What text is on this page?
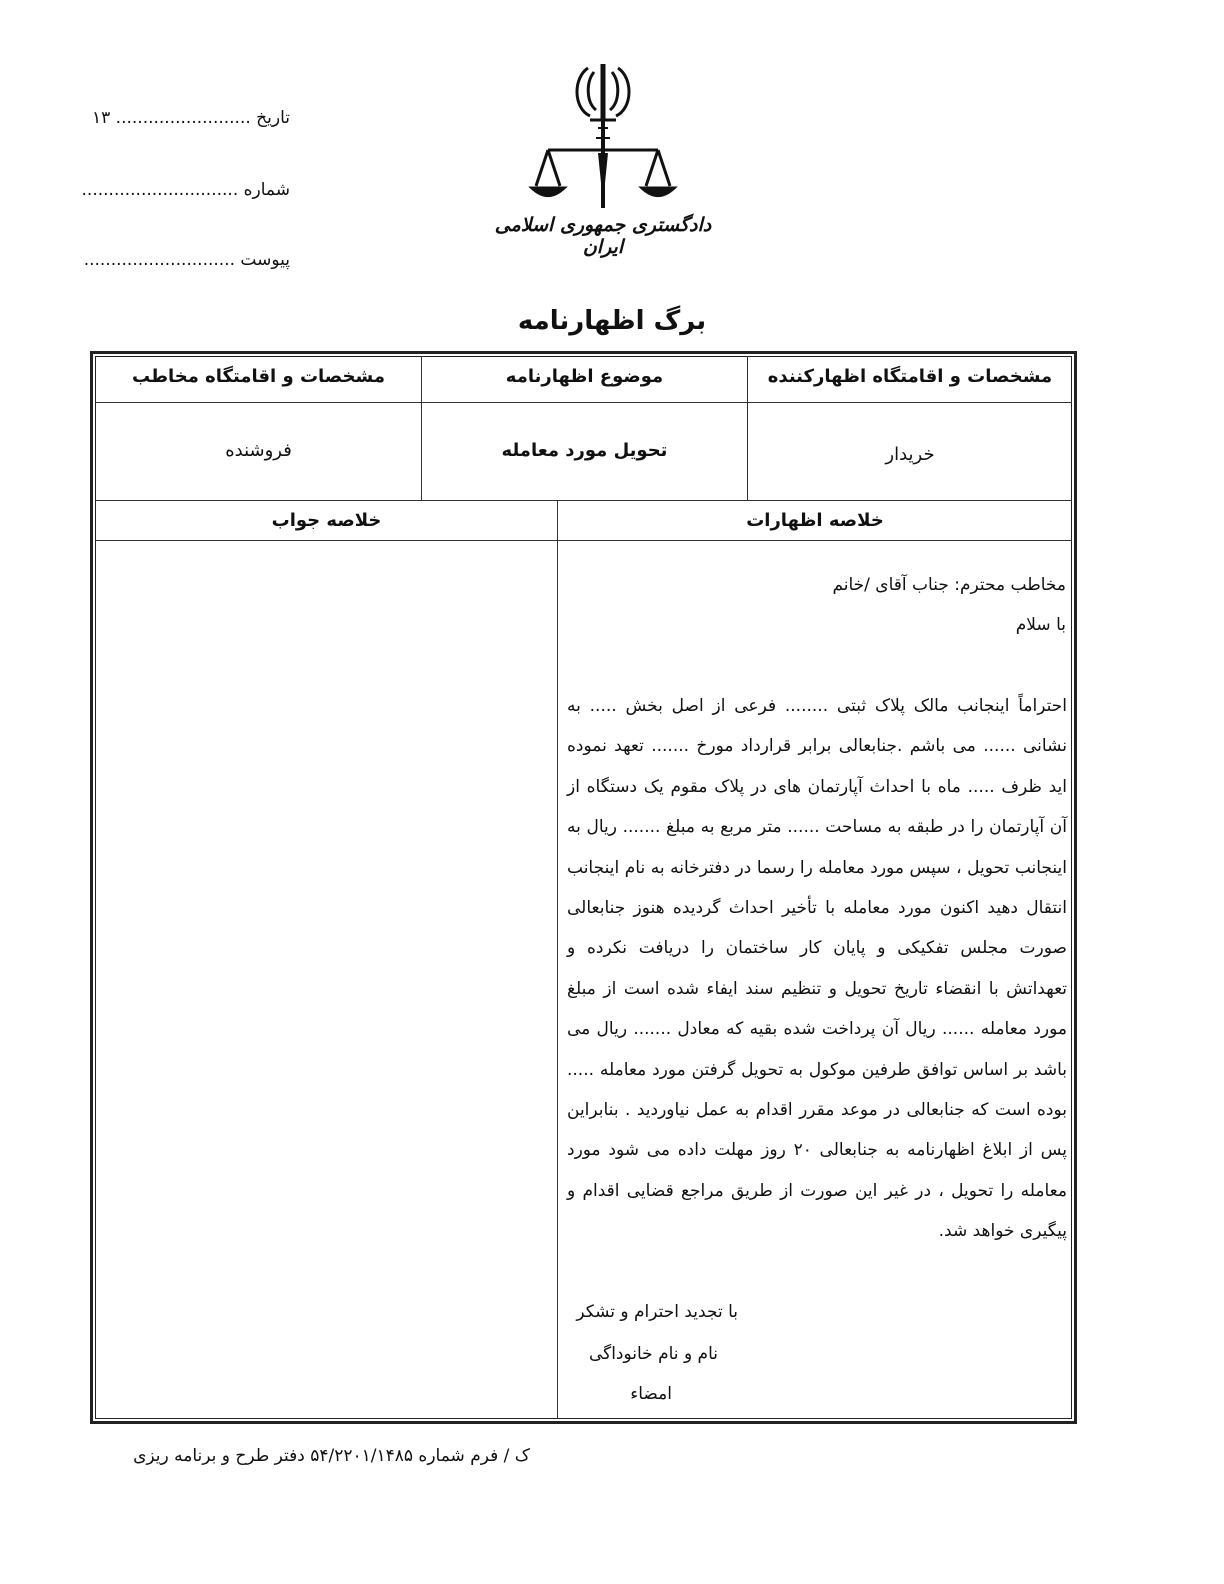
تاریخ ......................... ۱۳
شماره .............................
پیوست ............................
دادگستری جمهوری اسلامی ایران
برگ اظهارنامه
مشخصات و اقامتگاه اظهارکننده
موضوع اظهارنامه
مشخصات و اقامتگاه مخاطب
خریدار
تحویل مورد معامله
فروشنده
خلاصه اظهارات
خلاصه جواب
مخاطب محترم: جناب آقای /خانم
با سلام
احتراماً اینجانب مالک پلاک ثبتی ........ فرعی از اصل بخش ..... به نشانی ...... می باشم .جنابعالی برابر قرارداد مورخ ....... تعهد نموده اید ظرف ..... ماه با احداث آپارتمان های در پلاک مقوم یک دستگاه از آن آپارتمان را در طبقه به مساحت ...... متر مربع به مبلغ ....... ریال به اینجانب تحویل ، سپس مورد معامله را رسما در دفترخانه به نام اینجانب انتقال دهید اکنون مورد معامله با تأخیر احداث گردیده هنوز جنابعالی صورت مجلس تفکیکی و پایان کار ساختمان را دریافت نکرده و تعهداتش با انقضاء تاریخ تحویل و تنظیم سند ایفاء شده است از مبلغ مورد معامله ...... ریال آن پرداخت شده بقیه که معادل ....... ریال می باشد بر اساس توافق طرفین موکول به تحویل گرفتن مورد معامله ..... بوده است که جنابعالی در موعد مقرر اقدام به عمل نیاوردید . بنابراین پس از ابلاغ اظهارنامه به جنابعالی ۲۰ روز مهلت داده می شود مورد معامله را تحویل ، در غیر این صورت از طریق مراجع قضایی اقدام و پیگیری خواهد شد.
با تجدید احترام و تشکر
نام و نام خانوداگی
امضاء
ک / فرم شماره ۵۴/۲۲۰۱/۱۴۸۵ دفتر طرح و برنامه ریزی
